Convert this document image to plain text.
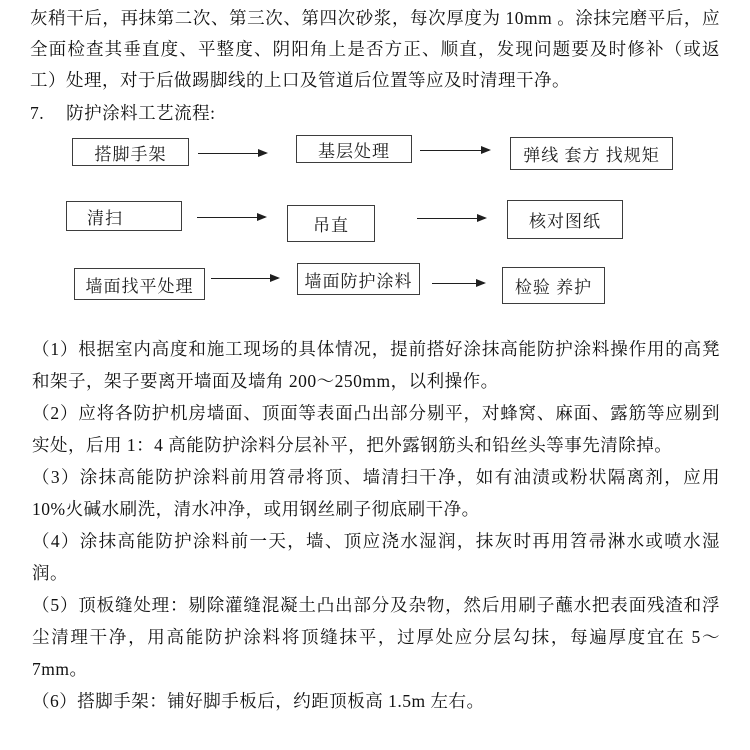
灰稍干后，再抹第二次、第三次、第四次砂浆，每次厚度为 10mm 。涂抹完磨平后，应全面检查其垂直度、平整度、阴阳角上是否方正、顺直，发现问题要及时修补（或返工）处理，对于后做踢脚线的上口及管道后位置等应及时清理干净。
7. 防护涂料工艺流程:
搭脚手架	基层处理	弹线 套方 找规矩
清扫	吊直	核对图纸
墙面找平处理	墙面防护涂料	检验 养护

（1）根据室内高度和施工现场的具体情况，提前搭好涂抹高能防护涂料操作用的高凳和架子，架子要离开墙面及墙角 200～250mm，以利操作。

（2）应将各防护机房墙面、顶面等表面凸出部分剔平，对蜂窝、麻面、露筋等应剔到实处，后用 1：4 高能防护涂料分层补平，把外露钢筋头和铅丝头等事先清除掉。

（3）涂抹高能防护涂料前用笤帚将顶、墙清扫干净，如有油渍或粉状隔离剂，应用 10%火碱水刷洗，清水冲净，或用钢丝刷子彻底刷干净。

（4）涂抹高能防护涂料前一天，墙、顶应浇水湿润，抹灰时再用笤帚淋水或喷水湿润。

（5）顶板缝处理：剔除灌缝混凝土凸出部分及杂物，然后用刷子蘸水把表面残渣和浮尘清理干净，用高能防护涂料将顶缝抹平，过厚处应分层勾抹，每遍厚度宜在 5～7mm。

（6）搭脚手架：铺好脚手板后，约距顶板高 1.5m 左右。
